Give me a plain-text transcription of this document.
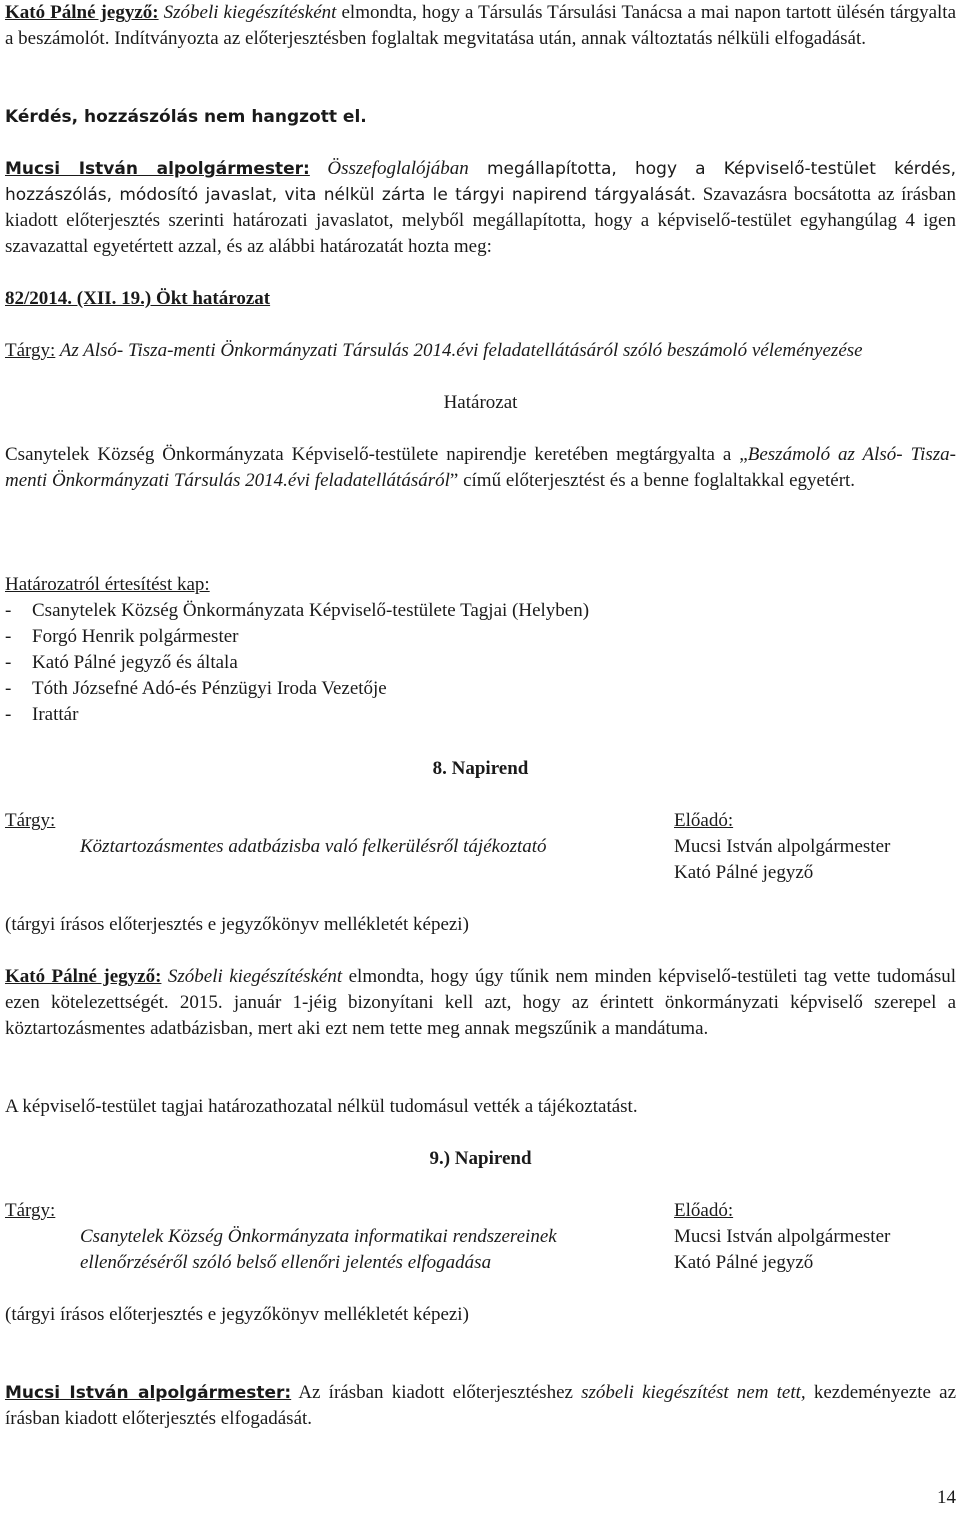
Kató Pálné jegyző: Szóbeli kiegészítésként elmondta, hogy a Társulás Társulási Tanácsa a mai napon tartott ülésén tárgyalta a beszámolót. Indítványozta az előterjesztésben foglaltak megvitatása után, annak változtatás nélküli elfogadását.

Kérdés, hozzászólás nem hangzott el.

Mucsi István alpolgármester: Összefoglalójában megállapította, hogy a Képviselő-testület kérdés, hozzászólás, módosító javaslat, vita nélkül zárta le tárgyi napirend tárgyalását. Szavazásra bocsátotta az írásban kiadott előterjesztés szerinti határozati javaslatot, melyből megállapította, hogy a képviselő-testület egyhangúlag 4 igen szavazattal egyetértett azzal, és az alábbi határozatát hozta meg:

82/2014. (XII. 19.) Ökt határozat

Tárgy: Az Alsó- Tisza-menti Önkormányzati Társulás 2014.évi feladatellátásáról szóló beszámoló véleményezése

Határozat

Csanytelek Község Önkormányzata Képviselő-testülete napirendje keretében megtárgyalta a „Beszámoló az Alsó- Tisza-menti Önkormányzati Társulás 2014.évi feladatellátásáról” című előterjesztést és a benne foglaltakkal egyetért.

Határozatról értesítést kap:

- Csanytelek Község Önkormányzata Képviselő-testülete Tagjai (Helyben)
- Forgó Henrik polgármester
- Kató Pálné jegyző és általa
- Tóth Józsefné Adó-és Pénzügyi Iroda Vezetője
- Irattár

8. Napirend

Tárgy:
Köztartozásmentes adatbázisba való felkerülésről tájékoztató
Előadó:
Mucsi István alpolgármester
Kató Pálné jegyző

(tárgyi írásos előterjesztés e jegyzőkönyv mellékletét képezi)

Kató Pálné jegyző: Szóbeli kiegészítésként elmondta, hogy úgy tűnik nem minden képviselő-testületi tag vette tudomásul ezen kötelezettségét. 2015. január 1-jéig bizonyítani kell azt, hogy az érintett önkormányzati képviselő szerepel a köztartozásmentes adatbázisban, mert aki ezt nem tette meg annak megszűnik a mandátuma.

A képviselő-testület tagjai határozathozatal nélkül tudomásul vették a tájékoztatást.

9.) Napirend

Tárgy:
Csanytelek Község Önkormányzata informatikai rendszereinek
ellenőrzéséről szóló belső ellenőri jelentés elfogadása
Előadó:
Mucsi István alpolgármester
Kató Pálné jegyző

(tárgyi írásos előterjesztés e jegyzőkönyv mellékletét képezi)

Mucsi István alpolgármester: Az írásban kiadott előterjesztéshez szóbeli kiegészítést nem tett, kezdeményezte az írásban kiadott előterjesztés elfogadását.

14
